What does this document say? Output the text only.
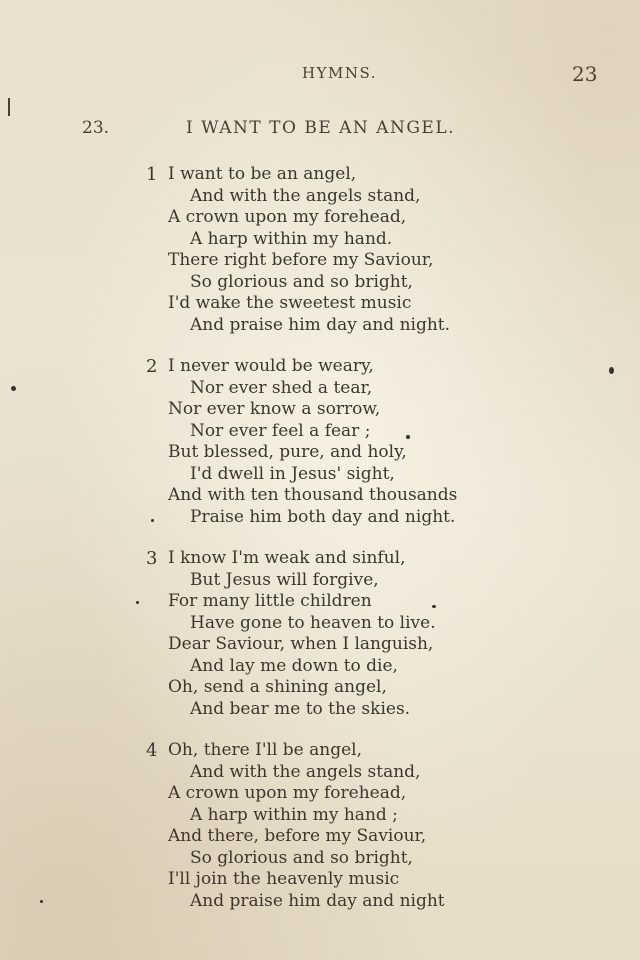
HYMNS.	23
23.	I WANT TO BE AN ANGEL.
1 I want to be an angel,
And with the angels stand,
A crown upon my forehead,
A harp within my hand.
There right before my Saviour,
So glorious and so bright,
I'd wake the sweetest music
And praise him day and night.
2 I never would be weary,
Nor ever shed a tear,
Nor ever know a sorrow,
Nor ever feel a fear ;
But blessed, pure, and holy,
I'd dwell in Jesus' sight,
And with ten thousand thousands
Praise him both day and night.
3 I know I'm weak and sinful,
But Jesus will forgive,
For many little children
Have gone to heaven to live.
Dear Saviour, when I languish,
And lay me down to die,
Oh, send a shining angel,
And bear me to the skies.
4 Oh, there I'll be angel,
And with the angels stand,
A crown upon my forehead,
A harp within my hand ;
And there, before my Saviour,
So glorious and so bright,
I'll join the heavenly music
And praise him day and night
